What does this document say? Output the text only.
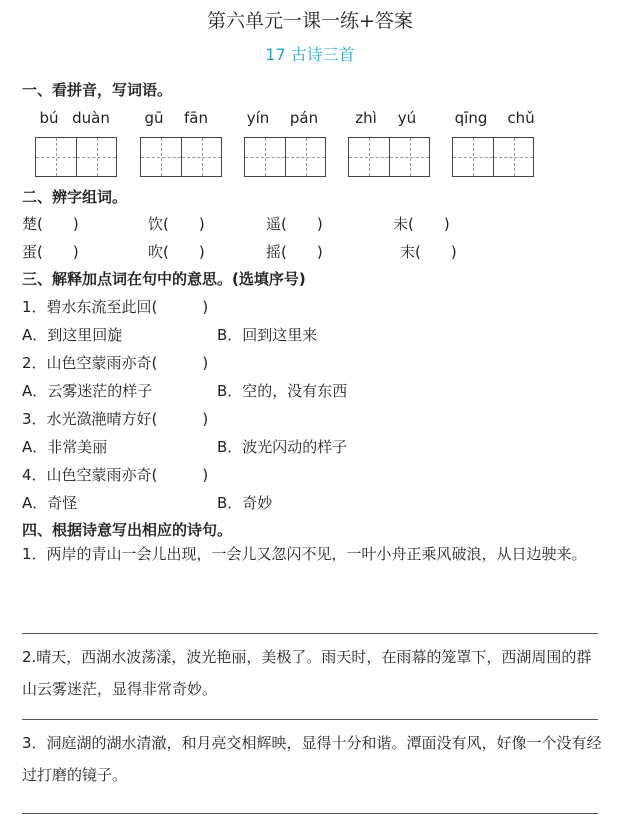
第六单元一课一练+答案
17 古诗三首
一、看拼音，写词语。
bú duàn	gū	fān	yín	pán	zhì	yú	qīng	chǔ
二、辨字组词。
楚(　　)	饮(　　)	遥(　　)	未(　　)
蛋(　　)	吹(　　)	摇(　　)	末(　　)
三、解释加点词在句中的意思。(选填序号)
1．碧水东流至此回(　　　)
A．到这里回旋	B．回到这里来
2．山色空蒙雨亦奇(　　　)
A．云雾迷茫的样子	B．空的，没有东西
3．水光潋滟晴方好(　　　)
A．非常美丽	B．波光闪动的样子
4．山色空蒙雨亦奇(　　　)
A．奇怪	B．奇妙
四、根据诗意写出相应的诗句。
1．两岸的青山一会儿出现，一会儿又忽闪不见，一叶小舟正乘风破浪，从日边驶来。
2.晴天，西湖水波荡漾，波光艳丽，美极了。雨天时，在雨幕的笼罩下，西湖周围的群山云雾迷茫，显得非常奇妙。
3．洞庭湖的湖水清澈，和月亮交相辉映，显得十分和谐。潭面没有风，好像一个没有经过打磨的镜子。
